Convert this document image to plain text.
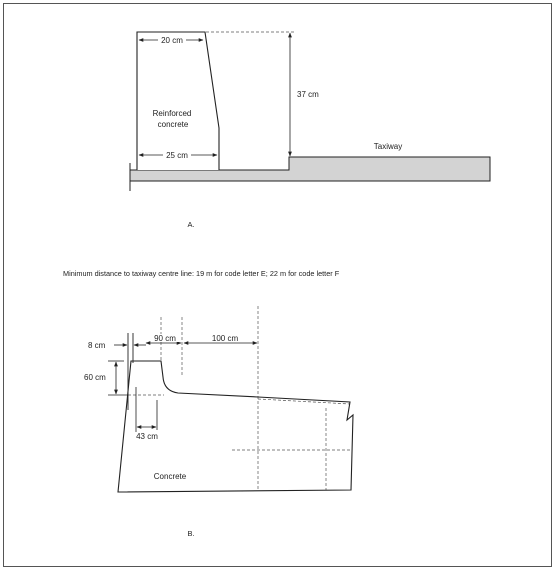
20 cm
37 cm
25 cm
Reinforced
concrete
Taxiway
A.
Minimum distance to taxiway centre line: 19 m for code letter E; 22 m for code letter F
8 cm
90 cm	100 cm
60 cm
43 cm
Concrete
B.
